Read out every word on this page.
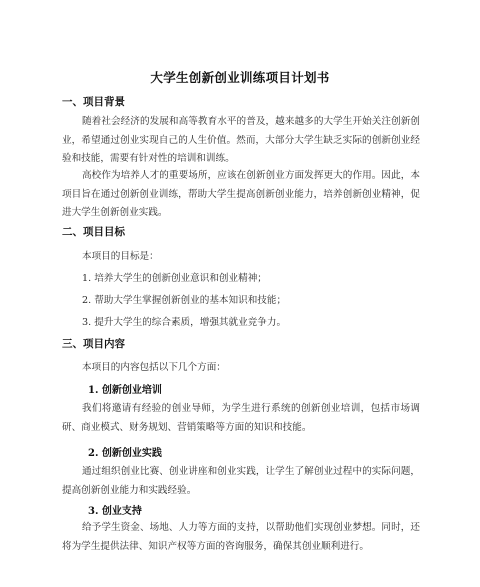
大学生创新创业训练项目计划书
一、项目背景

随着社会经济的发展和高等教育水平的普及，越来越多的大学生开始关注创新创业，希望通过创业实现自己的人生价值。然而，大部分大学生缺乏实际的创新创业经验和技能，需要有针对性的培训和训练。

高校作为培养人才的重要场所，应该在创新创业方面发挥更大的作用。因此，本项目旨在通过创新创业训练，帮助大学生提高创新创业能力，培养创新创业精神，促进大学生创新创业实践。

二、项目目标
本项目的目标是：
1. 培养大学生的创新创业意识和创业精神；
2. 帮助大学生掌握创新创业的基本知识和技能；
3. 提升大学生的综合素质，增强其就业竞争力。
三、项目内容
本项目的内容包括以下几个方面：
1. 创新创业培训

我们将邀请有经验的创业导师，为学生进行系统的创新创业培训，包括市场调研、商业模式、财务规划、营销策略等方面的知识和技能。

2. 创新创业实践

通过组织创业比赛、创业讲座和创业实践，让学生了解创业过程中的实际问题，提高创新创业能力和实践经验。

3. 创业支持

给予学生资金、场地、人力等方面的支持，以帮助他们实现创业梦想。同时，还将为学生提供法律、知识产权等方面的咨询服务，确保其创业顺利进行。
